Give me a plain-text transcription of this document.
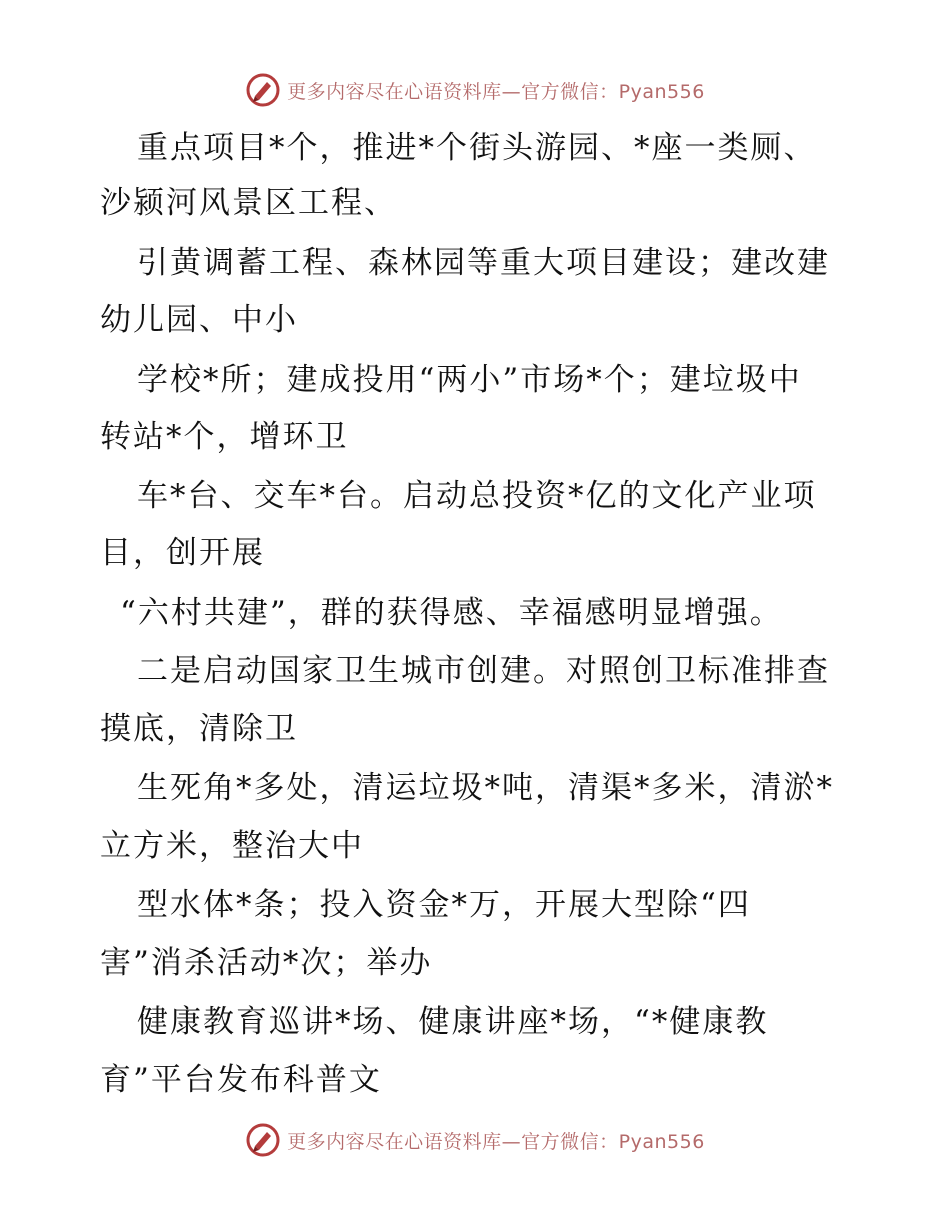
更多内容尽在心语资料库—官方微信：Pyan556
重点项目*个，推进*个街头游园、*座一类厕、
沙颍河风景区工程、
引黄调蓄工程、森林园等重大项目建设；建改建
幼儿园、中小
学校*所；建成投用“两小”市场*个；建垃圾中
转站*个，增环卫
车*台、交车*台。启动总投资*亿的文化产业项
目，创开展
“六村共建”，群的获得感、幸福感明显增强。
二是启动国家卫生城市创建。对照创卫标准排查
摸底，清除卫
生死角*多处，清运垃圾*吨，清渠*多米，清淤*
立方米，整治大中
型水体*条；投入资金*万，开展大型除“四
害”消杀活动*次；举办
健康教育巡讲*场、健康讲座*场，“*健康教
育”平台发布科普文
更多内容尽在心语资料库—官方微信：Pyan556
